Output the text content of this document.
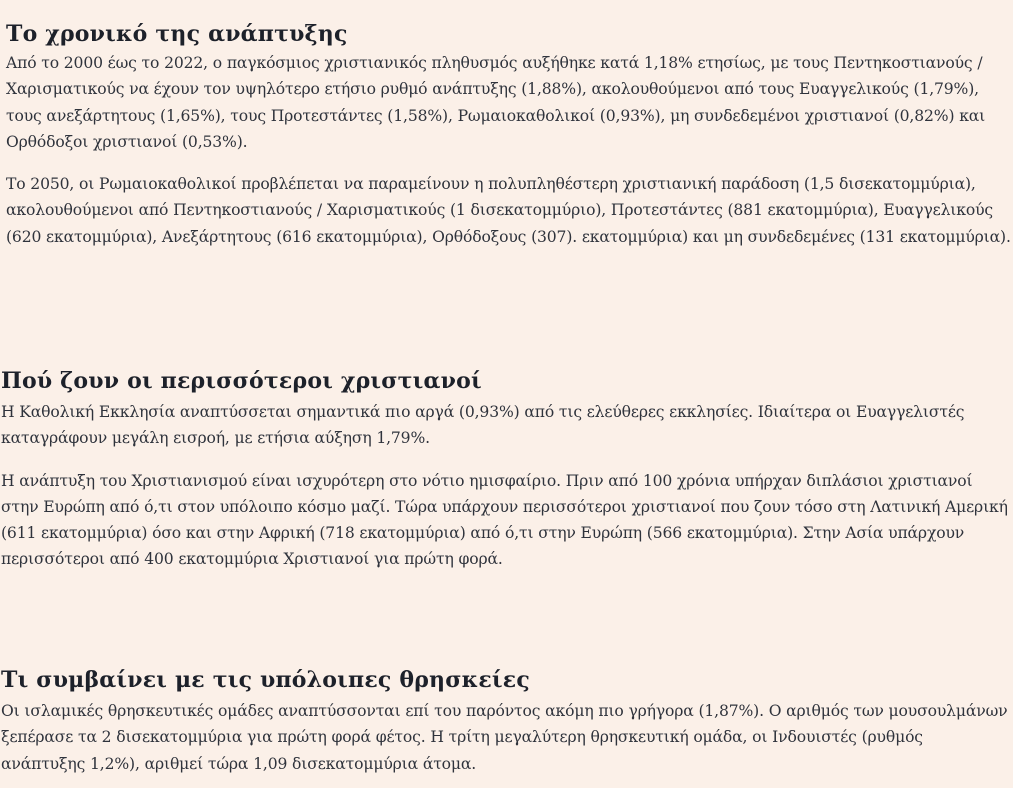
Το χρονικό της ανάπτυξης

Από το 2000 έως το 2022, ο παγκόσμιος χριστιανικός πληθυσμός αυξήθηκε κατά 1,18% ετησίως, με τους Πεντηκοστιανούς / Χαρισματικούς να έχουν τον υψηλότερο ετήσιο ρυθμό ανάπτυξης (1,88%), ακολουθούμενοι από τους Ευαγγελικούς (1,79%), τους ανεξάρτητους (1,65%), τους Προτεστάντες (1,58%), Ρωμαιοκαθολικοί (0,93%), μη συνδεδεμένοι χριστιανοί (0,82%) και Ορθόδοξοι χριστιανοί (0,53%).

Το 2050, οι Ρωμαιοκαθολικοί προβλέπεται να παραμείνουν η πολυπληθέστερη χριστιανική παράδοση (1,5 δισεκατομμύρια), ακολουθούμενοι από Πεντηκοστιανούς / Χαρισματικούς (1 δισεκατομμύριο), Προτεστάντες (881 εκατομμύρια), Ευαγγελικούς (620 εκατομμύρια), Ανεξάρτητους (616 εκατομμύρια), Ορθόδοξους (307). εκατομμύρια) και μη συνδεδεμένες (131 εκατομμύρια).

Πού ζουν οι περισσότεροι χριστιανοί

Η Καθολική Εκκλησία αναπτύσσεται σημαντικά πιο αργά (0,93%) από τις ελεύθερες εκκλησίες. Ιδιαίτερα οι Ευαγγελιστές καταγράφουν μεγάλη εισροή, με ετήσια αύξηση 1,79%.

Η ανάπτυξη του Χριστιανισμού είναι ισχυρότερη στο νότιο ημισφαίριο. Πριν από 100 χρόνια υπήρχαν διπλάσιοι χριστιανοί στην Ευρώπη από ό,τι στον υπόλοιπο κόσμο μαζί. Τώρα υπάρχουν περισσότεροι χριστιανοί που ζουν τόσο στη Λατινική Αμερική (611 εκατομμύρια) όσο και στην Αφρική (718 εκατομμύρια) από ό,τι στην Ευρώπη (566 εκατομμύρια). Στην Ασία υπάρχουν περισσότεροι από 400 εκατομμύρια Χριστιανοί για πρώτη φορά.

Τι συμβαίνει με τις υπόλοιπες θρησκείες

Οι ισλαμικές θρησκευτικές ομάδες αναπτύσσονται επί του παρόντος ακόμη πιο γρήγορα (1,87%). Ο αριθμός των μουσουλμάνων ξεπέρασε τα 2 δισεκατομμύρια για πρώτη φορά φέτος. Η τρίτη μεγαλύτερη θρησκευτική ομάδα, οι Ινδουιστές (ρυθμός ανάπτυξης 1,2%), αριθμεί τώρα 1,09 δισεκατομμύρια άτομα.
